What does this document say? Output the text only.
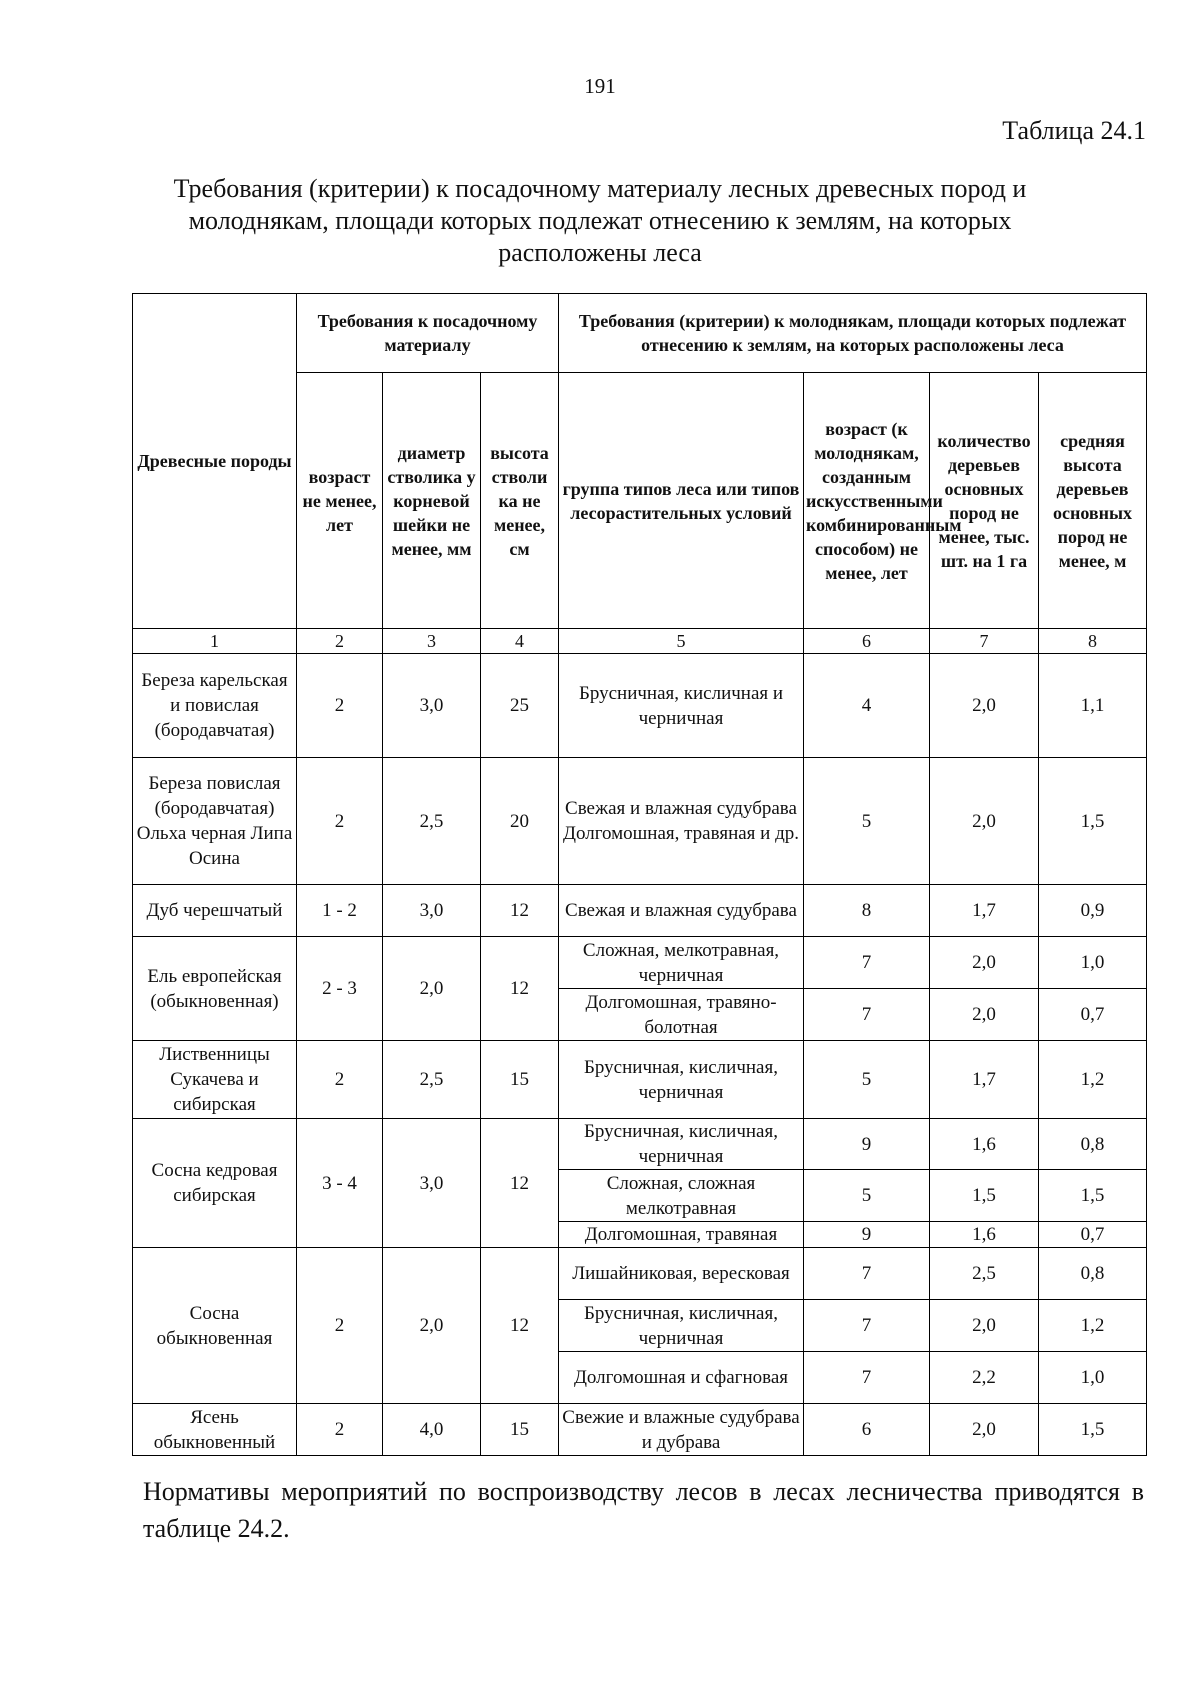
191
Таблица 24.1
Требования (критерии) к посадочному материалу лесных древесных пород и молоднякам, площади которых подлежат отнесению к землям, на которых расположены леса
Древесные породы	Требования к посадочному материалу			Требования (критерии) к молоднякам, площади которых подлежат отнесению к землям, на которых расположены леса			
	возраст не менее, лет	диаметр стволика у корневой шейки не менее, мм	высота стволи ка не менее, см	группа типов леса или типов лесорастительных условий	возраст (к молоднякам, созданным искусственными комбинированным способом) не менее, лет	количество деревьев основных пород не менее, тыс. шт. на 1 га	средняя высота деревьев основных пород не менее, м
1	2	3	4	5	6	7	8
Береза карельская и повислая (бородавчатая)	2	3,0	25	Брусничная, кисличная и черничная	4	2,0	1,1
Береза повислая (бородавчатая) Ольха черная Липа Осина	2	2,5	20	Свежая и влажная судубрава Долгомошная, травяная и др.	5	2,0	1,5
Дуб черешчатый	1 - 2	3,0	12	Свежая и влажная судубрава	8	1,7	0,9
Ель европейская (обыкновенная)	2 - 3	2,0	12	Сложная, мелкотравная, черничная	7	2,0	1,0
				Долгомошная, травяно-болотная	7	2,0	0,7
Лиственницы Сукачева и сибирская	2	2,5	15	Брусничная, кисличная, черничная	5	1,7	1,2
Сосна кедровая сибирская	3 - 4	3,0	12	Брусничная, кисличная, черничная	9	1,6	0,8
				Сложная, сложная мелкотравная	5	1,5	1,5
				Долгомошная, травяная	9	1,6	0,7
Сосна обыкновенная	2	2,0	12	Лишайниковая, вересковая	7	2,5	0,8
				Брусничная, кисличная, черничная	7	2,0	1,2
				Долгомошная и сфагновая	7	2,2	1,0
Ясень обыкновенный	2	4,0	15	Свежие и влажные судубрава и дубрава	6	2,0	1,5
Нормативы мероприятий по воспроизводству лесов в лесах лесничества приводятся в таблице 24.2.
